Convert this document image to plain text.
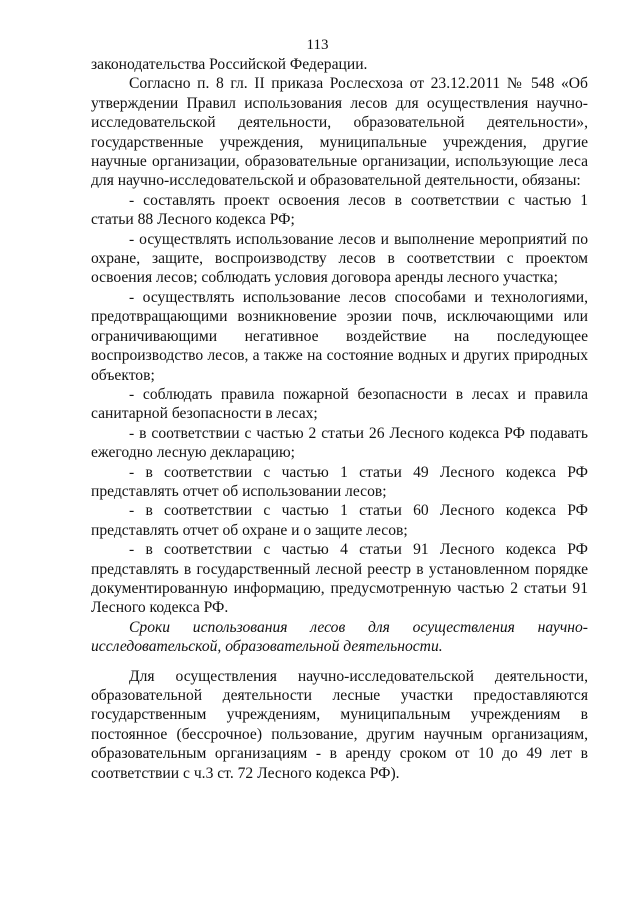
113

законодательства Российской Федерации.

Согласно п. 8 гл. II приказа Рослесхоза от 23.12.2011 № 548 «Об утверждении Правил использования лесов для осуществления научно-исследовательской деятельности, образовательной деятельности», государственные учреждения, муниципальные учреждения, другие научные организации, образовательные организации, использующие леса для научно-исследовательской и образовательной деятельности, обязаны:

- составлять проект освоения лесов в соответствии с частью 1 статьи 88 Лесного кодекса РФ;

- осуществлять использование лесов и выполнение мероприятий по охране, защите, воспроизводству лесов в соответствии с проектом освоения лесов; соблюдать условия договора аренды лесного участка;

- осуществлять использование лесов способами и технологиями, предотвращающими возникновение эрозии почв, исключающими или ограничивающими негативное воздействие на последующее воспроизводство лесов, а также на состояние водных и других природных объектов;

- соблюдать правила пожарной безопасности в лесах и правила санитарной безопасности в лесах;

- в соответствии с частью 2 статьи 26 Лесного кодекса РФ подавать ежегодно лесную декларацию;

- в соответствии с частью 1 статьи 49 Лесного кодекса РФ представлять отчет об использовании лесов;

- в соответствии с частью 1 статьи 60 Лесного кодекса РФ представлять отчет об охране и о защите лесов;

- в соответствии с частью 4 статьи 91 Лесного кодекса РФ представлять в государственный лесной реестр в установленном порядке документированную информацию, предусмотренную частью 2 статьи 91 Лесного кодекса РФ.

Сроки использования лесов для осуществления научно-исследовательской, образовательной деятельности.

Для осуществления научно-исследовательской деятельности, образовательной деятельности лесные участки предоставляются государственным учреждениям, муниципальным учреждениям в постоянное (бессрочное) пользование, другим научным организациям, образовательным организациям - в аренду сроком от 10 до 49 лет в соответствии с ч.3 ст. 72 Лесного кодекса РФ).
